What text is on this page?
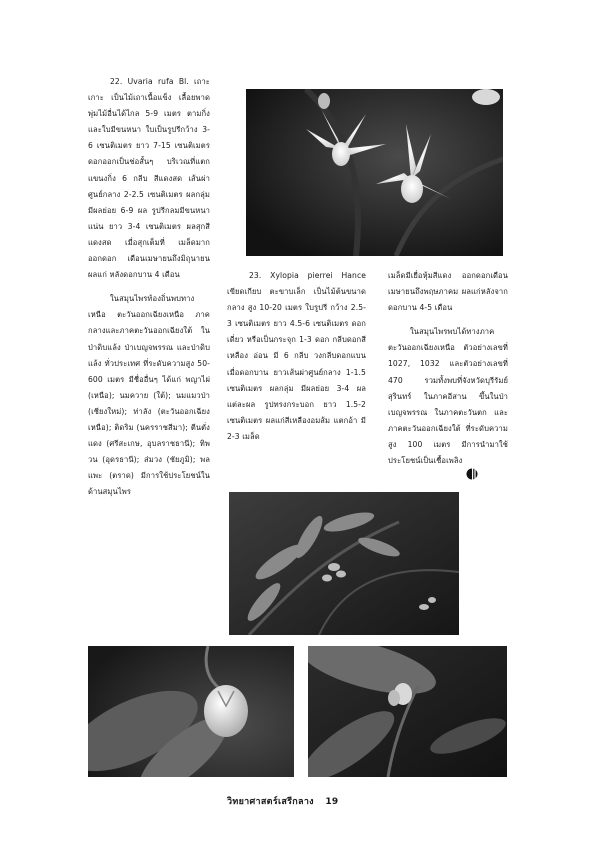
22. Uvaria rufa Bl. เถาะ เกาะ เป็นไม้เถาเนื้อแข็ง เลื้อยพาดพุ่มไม้อื่นได้ไกล 5-9 เมตร ตามกิ่งและใบมีขนหนา ใบเป็นรูปรีกว้าง 3-6 เซนติเมตร ยาว 7-15 เซนติเมตร ดอกออกเป็นช่อสั้นๆ บริเวณที่แตกแขนงกิ่ง 6 กลีบ สีแดงสด เส้นผ่าศูนย์กลาง 2-2.5 เซนติเมตร ผลกลุ่ม มีผลย่อย 6-9 ผล รูปรีกลมมีขนหนาแน่น ยาว 3-4 เซนติเมตร ผลสุกสีแดงสด เมื่อสุกเต็มที่ เมล็ดมาก ออกดอก เดือนเมษายนถึงมิถุนายน ผลแก่ หลังดอกบาน 4 เดือน

ในสมุนไพรท้องถิ่นพบทางเหนือ ตะวันออกเฉียงเหนือ ภาคกลางและภาคตะวันออกเฉียงใต้ ในป่าดิบแล้ง ป่าเบญจพรรณ และป่าดิบแล้ง ทั่วประเทศ ที่ระดับความสูง 50-600 เมตร มีชื่ออื่นๆ ได้แก่ พญาไผ่ (เหนือ); นมควาย (ใต้); นมแมวป่า (เชียงใหม่); ท่าลัง (ตะวันออกเฉียงเหนือ); ติดริม (นครราชสีมา); ตีนตั่งแดง (ศรีสะเกษ, อุบลราชธานี); ทิพวน (อุดรธานี); ส่มวง (ชัยภูมิ); พลแพะ (ตราด) มีการใช้ประโยชน์ในด้านสมุนไพร

23. Xylopia pierrei Hance เขียดเกียบ ตะขาบเล็ก เป็นไม้ต้นขนาดกลาง สูง 10-20 เมตร ใบรูปรี กว้าง 2.5-3 เซนติเมตร ยาว 4.5-6 เซนติเมตร ดอกเดี่ยว หรือเป็นกระจุก 1-3 ดอก กลีบดอกสีเหลือง อ่อน มี 6 กลีบ วงกลีบดอกแบน เมื่อดอกบาน ยาวเส้นผ่าศูนย์กลาง 1-1.5 เซนติเมตร ผลกลุ่ม มีผลย่อย 3-4 ผล แต่ละผล รูปทรงกระบอก ยาว 1.5-2 เซนติเมตร ผลแก่สีเหลืองอมส้ม แตกอ้า มี 2-3 เมล็ด

เมล็ดมีเยื่อหุ้มสีแดง ออกดอกเดือนเมษายนถึงพฤษภาคม ผลแก่หลังจากดอกบาน 4-5 เดือน

ในสมุนไพรพบได้ทางภาคตะวันออกเฉียงเหนือ ตัวอย่างเลขที่ 1027, 1032 และตัวอย่างเลขที่ 470 รวมทั้งพบที่จังหวัดบุรีรัมย์ สุรินทร์ ในภาคอีสาน ขึ้นในป่าเบญจพรรณ ในภาคตะวันตก และภาคตะวันออกเฉียงใต้ ที่ระดับความสูง 100 เมตร มีการนำมาใช้ประโยชน์เป็นเชื้อเพลิง

วิทยาศาสตร์เสรีกลาง 19
